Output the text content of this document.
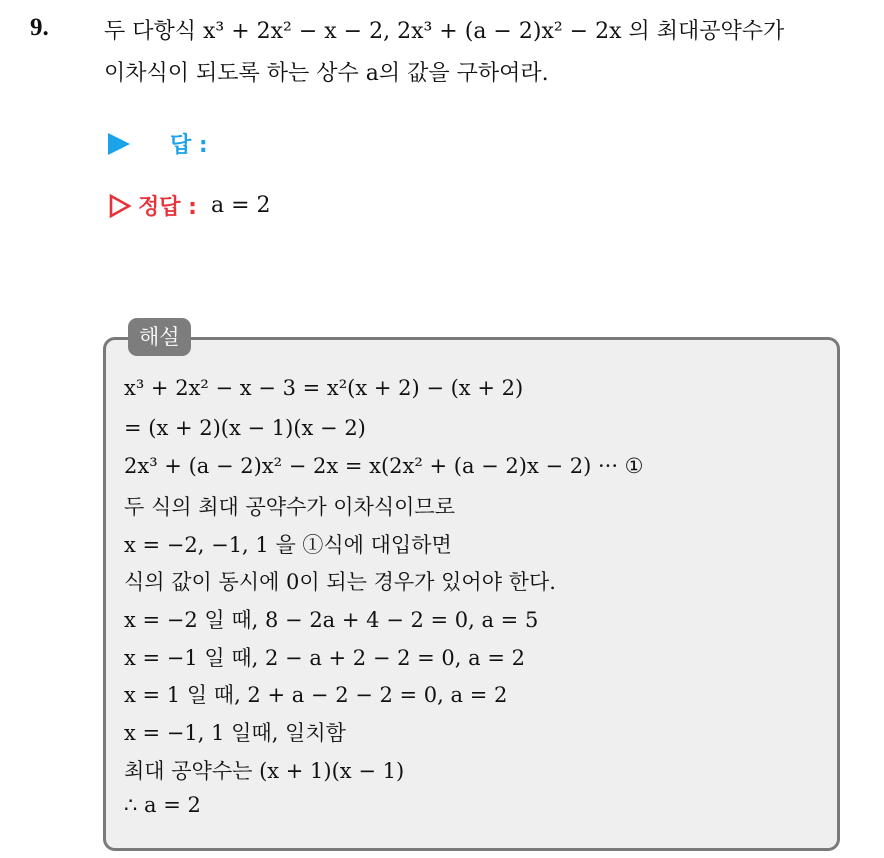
9.	두 다항식 x³ + 2x² − x − 2, 2x³ + (a − 2)x² − 2x 의 최대공약수가
이차식이 되도록 하는 상수 a의 값을 구하여라.
답 :
정답 : a = 2
해설
x³ + 2x² − x − 3 = x²(x + 2) − (x + 2)
= (x + 2)(x − 1)(x − 2)
2x³ + (a − 2)x² − 2x = x(2x² + (a − 2)x − 2) ··· ①
두 식의 최대 공약수가 이차식이므로
x = −2, −1, 1 을 ①식에 대입하면
식의 값이 동시에 0이 되는 경우가 있어야 한다.
x = −2 일 때, 8 − 2a + 4 − 2 = 0, a = 5
x = −1 일 때, 2 − a + 2 − 2 = 0, a = 2
x = 1 일 때, 2 + a − 2 − 2 = 0, a = 2
x = −1, 1 일때, 일치함
최대 공약수는 (x + 1)(x − 1)
∴ a = 2
